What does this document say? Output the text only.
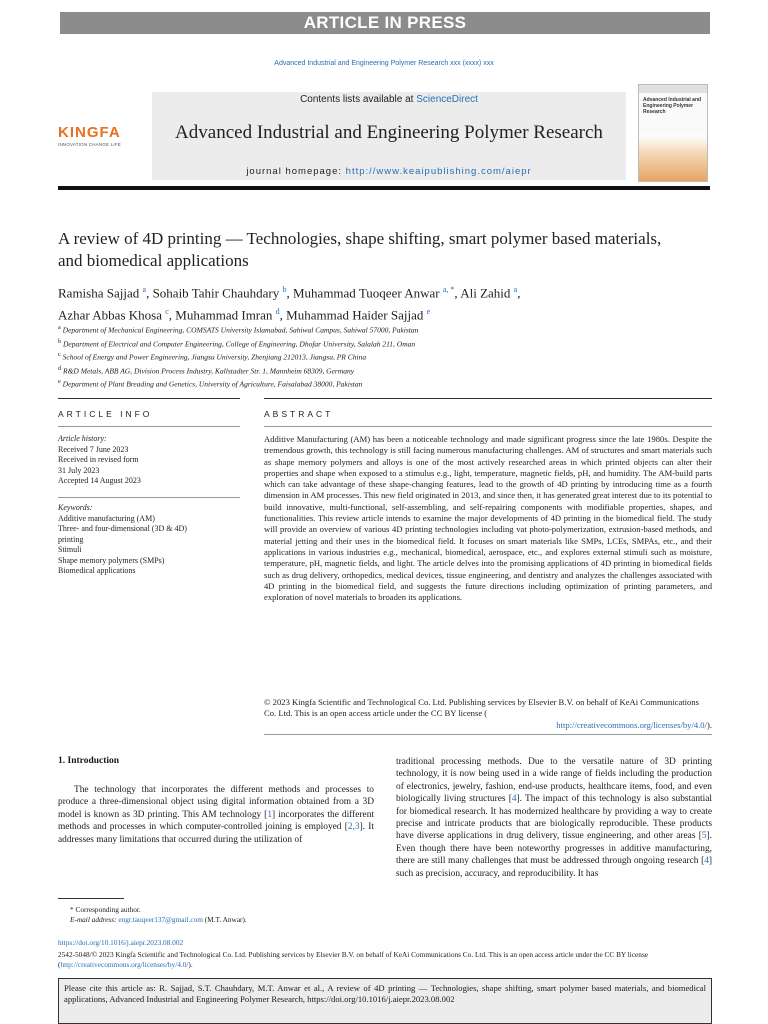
ARTICLE IN PRESS
Advanced Industrial and Engineering Polymer Research xxx (xxxx) xxx
KINGFA
INNOVATION CHANGE LIFE
Contents lists available at ScienceDirect
Advanced Industrial and Engineering Polymer Research
journal homepage: http://www.keaipublishing.com/aiepr
Advanced Industrial and Engineering Polymer Research
A review of 4D printing — Technologies, shape shifting, smart polymer based materials, and biomedical applications
Ramisha Sajjad $^a$, Sohaib Tahir Chauhdary $^b$, Muhammad Tuoqeer Anwar $^{a, *}$, Ali Zahid $^a$,
Azhar Abbas Khosa $^c$, Muhammad Imran $^d$, Muhammad Haider Sajjad $^e$
$^a$ Department of Mechanical Engineering, COMSATS University Islamabad, Sahiwal Campus, Sahiwal 57000, Pakistan
$^b$ Department of Electrical and Computer Engineering, College of Engineering, Dhofar University, Salalah 211, Oman
$^c$ School of Energy and Power Engineering, Jiangsu University, Zhenjiang 212013, Jiangsu, PR China
$^d$ R&D Metals, ABB AG, Division Process Industry, Kallstadter Str. 1, Mannheim 68309, Germany
$^e$ Department of Plant Breading and Genetics, University of Agriculture, Faisalabad 38000, Pakistan
ARTICLE INFO	ABSTRACT
Article history:
Received 7 June 2023
Received in revised form
31 July 2023
Accepted 14 August 2023
Keywords:
Additive manufacturing (AM)
Three- and four-dimensional (3D & 4D)
printing
Stimuli
Shape memory polymers (SMPs)
Biomedical applications
Additive Manufacturing (AM) has been a noticeable technology and made significant progress since the late 1980s. Despite the tremendous growth, this technology is still facing numerous manufacturing challenges. AM of structures and smart materials such as shape memory polymers and alloys is one of the most actively researched areas in which printed objects can alter their properties and shape when exposed to a stimulus e.g., light, temperature, magnetic fields, pH, and humidity. The AM-build parts which can take advantage of these shape-changing features, lead to the growth of 4D printing by introducing time as a fourth dimension in AM processes. This new field originated in 2013, and since then, it has generated great interest due to its potential to build innovative, multi-functional, self-assembling, and self-repairing components with modifiable properties, shapes, and functionalities. This review article intends to examine the major developments of 4D printing in the biomedical field. The study will provide an overview of various 4D printing technologies including vat photo-polymerization, extrusion-based methods, and material jetting and their uses in the biomedical field. It focuses on smart materials like SMPs, LCEs, SMPAs, etc., and their applications in various industries e.g., mechanical, biomedical, aerospace, etc., and explores external stimuli such as moisture, temperature, pH, magnetic fields, and light. The article delves into the promising applications of 4D printing in biomedical fields such as drug delivery, orthopedics, medical devices, tissue engineering, and dentistry and analyzes the challenges associated with 4D printing in the biomedical field, and suggests the future directions including optimization of printing parameters, and exploration of novel materials to broaden its applications.
© 2023 Kingfa Scientific and Technological Co. Ltd. Publishing services by Elsevier B.V. on behalf of KeAi Communications Co. Ltd. This is an open access article under the CC BY license (
http://creativecommons.org/licenses/by/4.0/).
1. Introduction
The technology that incorporates the different methods and processes to produce a three-dimensional object using digital information obtained from a 3D model is known as 3D printing. This AM technology [1] incorporates the different methods and processes in which computer-controlled joining is employed [2,3]. It addresses many limitations that occurred during the utilization of
traditional processing methods. Due to the versatile nature of 3D printing technology, it is now being used in a wide range of fields including the production of electronics, jewelry, fashion, end-use products, healthcare items, food, and even biologically living structures [4]. The impact of this technology is also substantial for biomedical research. It has modernized healthcare by providing a way to create precise and intricate products that are biologically reproducible. These products have diverse applications in drug delivery, tissue engineering, and other areas [5]. Even though there have been noteworthy progresses in additive manufacturing, there are still many challenges that must be addressed through ongoing research [4] such as precision, accuracy, and reproducibility. It has
* Corresponding author.
E-mail address: engr.tauqeer137@gmail.com (M.T. Anwar).
https://doi.org/10.1016/j.aiepr.2023.08.002
2542-5048/© 2023 Kingfa Scientific and Technological Co. Ltd. Publishing services by Elsevier B.V. on behalf of KeAi Communications Co. Ltd. This is an open access article under the CC BY license (http://creativecommons.org/licenses/by/4.0/).
Please cite this article as: R. Sajjad, S.T. Chauhdary, M.T. Anwar et al., A review of 4D printing — Technologies, shape shifting, smart polymer based materials, and biomedical applications, Advanced Industrial and Engineering Polymer Research, https://doi.org/10.1016/j.aiepr.2023.08.002
